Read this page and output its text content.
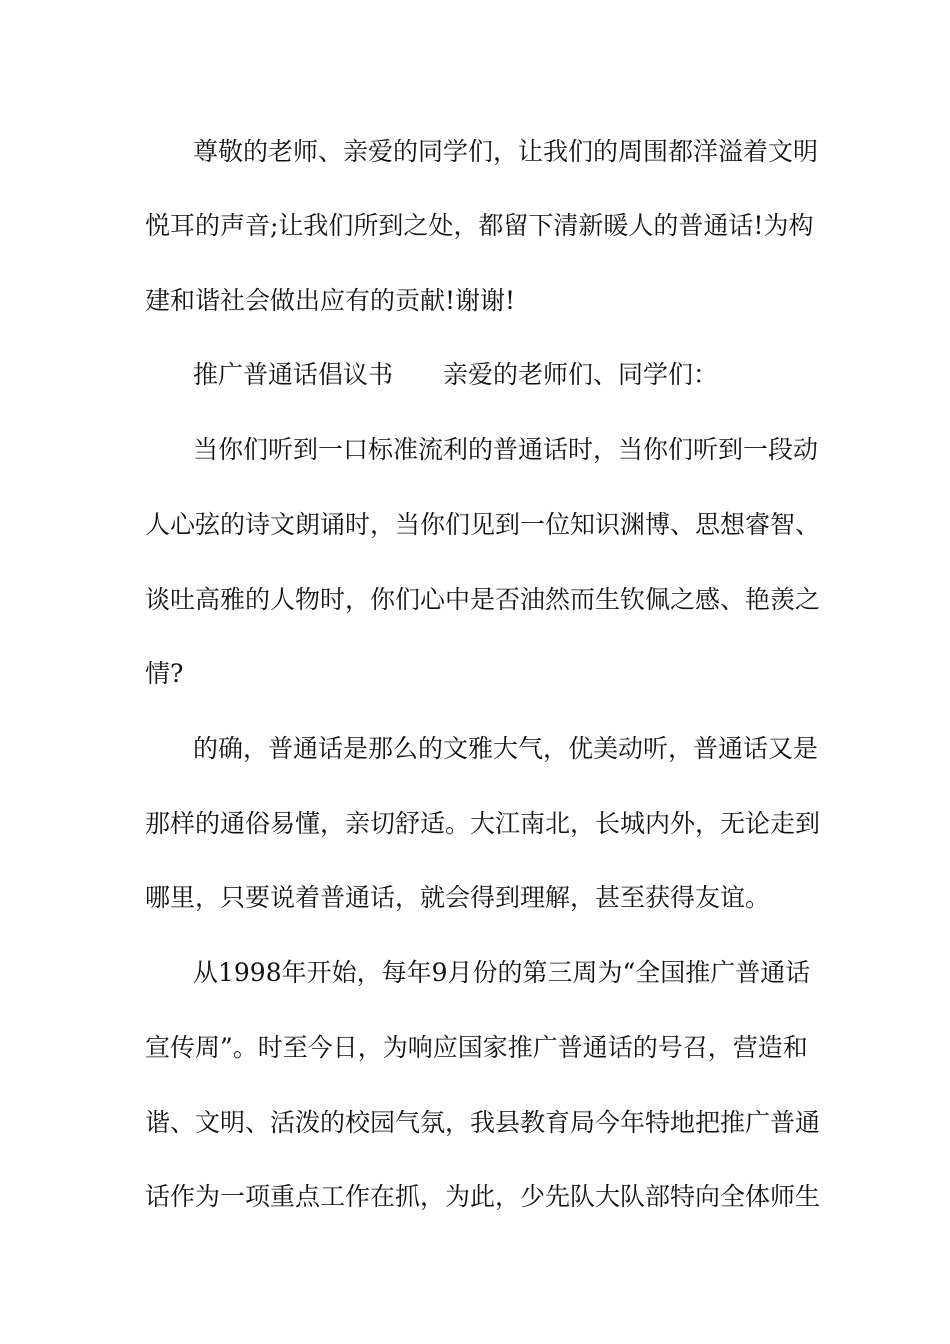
尊敬的老师、亲爱的同学们，让我们的周围都洋溢着文明
悦耳的声音;让我们所到之处，都留下清新暖人的普通话!为构
建和谐社会做出应有的贡献!谢谢!
推广普通话倡议书　　亲爱的老师们、同学们：
当你们听到一口标准流利的普通话时，当你们听到一段动
人心弦的诗文朗诵时，当你们见到一位知识渊博、思想睿智、
谈吐高雅的人物时，你们心中是否油然而生钦佩之感、艳羡之
情?
的确，普通话是那么的文雅大气，优美动听，普通话又是
那样的通俗易懂，亲切舒适。大江南北，长城内外，无论走到
哪里，只要说着普通话，就会得到理解，甚至获得友谊。
从1998年开始，每年9月份的第三周为“全国推广普通话
宣传周”。时至今日，为响应国家推广普通话的号召，营造和
谐、文明、活泼的校园气氛，我县教育局今年特地把推广普通
话作为一项重点工作在抓，为此，少先队大队部特向全体师生
